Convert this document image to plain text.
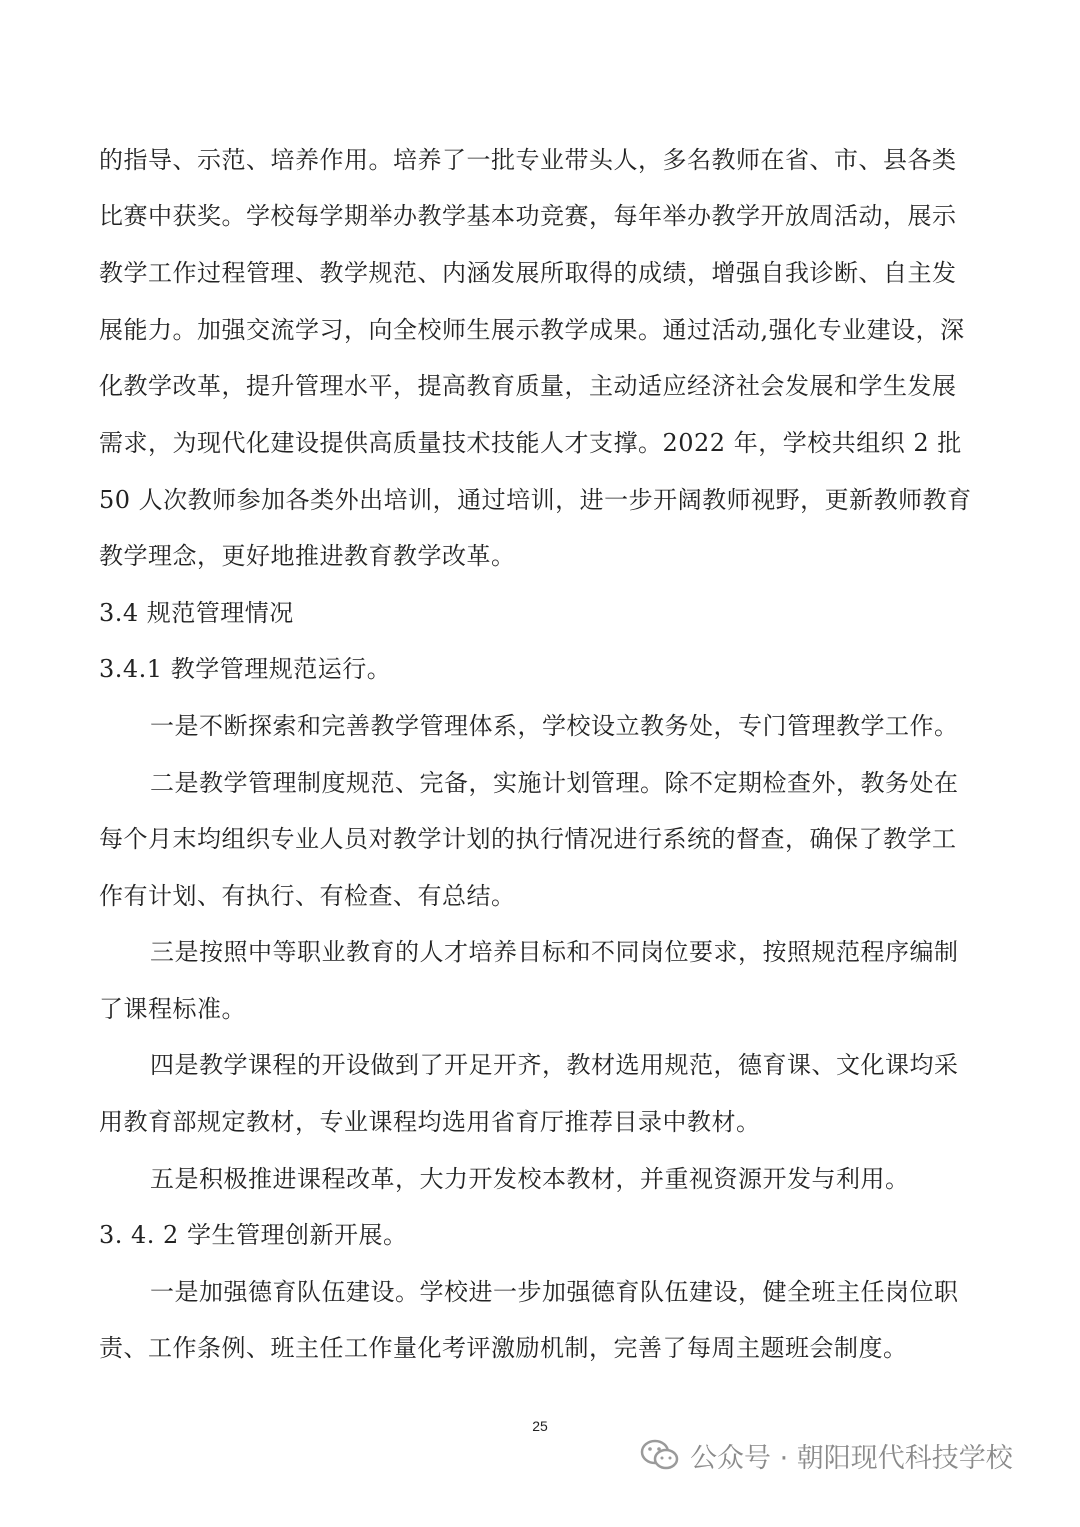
的指导、示范、培养作用。培养了一批专业带头人，多名教师在省、市、县各类
比赛中获奖。学校每学期举办教学基本功竞赛，每年举办教学开放周活动，展示
教学工作过程管理、教学规范、内涵发展所取得的成绩，增强自我诊断、自主发
展能力。加强交流学习，向全校师生展示教学成果。通过活动,强化专业建设，深
化教学改革，提升管理水平，提高教育质量，主动适应经济社会发展和学生发展
需求，为现代化建设提供高质量技术技能人才支撑。2022 年，学校共组织 2 批
50 人次教师参加各类外出培训，通过培训，进一步开阔教师视野，更新教师教育
教学理念，更好地推进教育教学改革。
3.4 规范管理情况
3.4.1 教学管理规范运行。
一是不断探索和完善教学管理体系，学校设立教务处，专门管理教学工作。
二是教学管理制度规范、完备，实施计划管理。除不定期检查外，教务处在
每个月末均组织专业人员对教学计划的执行情况进行系统的督查，确保了教学工
作有计划、有执行、有检查、有总结。
三是按照中等职业教育的人才培养目标和不同岗位要求，按照规范程序编制
了课程标准。
四是教学课程的开设做到了开足开齐，教材选用规范，德育课、文化课均采
用教育部规定教材，专业课程均选用省育厅推荐目录中教材。
五是积极推进课程改革，大力开发校本教材，并重视资源开发与利用。
3. 4. 2 学生管理创新开展。
一是加强德育队伍建设。学校进一步加强德育队伍建设，健全班主任岗位职
责、工作条例、班主任工作量化考评激励机制，完善了每周主题班会制度。
25
公众号 · 朝阳现代科技学校
